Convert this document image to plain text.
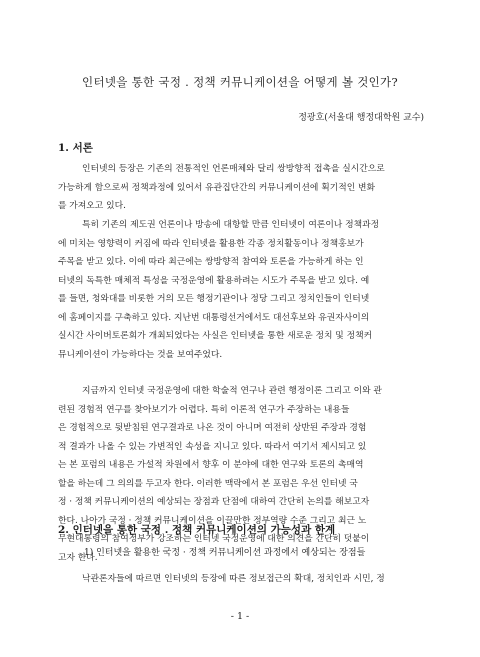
인터넷을 통한 국정 . 정책 커뮤니케이션을 어떻게 볼 것인가?
정광호(서울대 행정대학원 교수)
1. 서론

인터넷의 등장은 기존의 전통적인 언론매체와 달리 쌍방향적 접촉을 실시간으로
가능하게 함으로써 정책과정에 있어서 유관집단간의 커뮤니케이션에 획기적인 변화
를 가져오고 있다.

특히 기존의 제도권 언론이나 방송에 대항할 만큼 인터넷이 여론이나 정책과정
에 미치는 영향력이 커짐에 따라 인터넷을 활용한 각종 정치활동이나 정책홍보가
주목을 받고 있다. 이에 따라 최근에는 쌍방향적 참여와 토론을 가능하게 하는 인
터넷의 독특한 매체적 특성을 국정운영에 활용하려는 시도가 주목을 받고 있다. 예
를 들면, 청와대를 비롯한 거의 모든 행정기관이나 정당 그리고 정치인들이 인터넷
에 홈페이지를 구축하고 있다. 지난번 대통령선거에서도 대선후보와 유권자사이의
실시간 사이버토론회가 개최되었다는 사실은 인터넷을 통한 새로운 정치 및 정책커
뮤니케이션이 가능하다는 것을 보여주었다.

지금까지 인터넷 국정운영에 대한 학술적 연구나 관련 행정이론 그리고 이와 관
련된 경험적 연구를 찾아보기가 어렵다. 특히 이론적 연구가 주장하는 내용들
은 경험적으로 뒷받침된 연구결과로 나온 것이 아니며 여전히 상반된 주장과 경험
적 결과가 나올 수 있는 가변적인 속성을 지니고 있다. 따라서 여기서 제시되고 있
는 본 포럼의 내용은 가설적 차원에서 향후 이 분야에 대한 연구와 토론의 촉매역
할을 하는데 그 의의를 두고자 한다. 이러한 맥락에서 본 포럼은 우선 인터넷 국
정 · 정책 커뮤니케이션의 예상되는 장점과 단점에 대하여 간단히 논의를 해보고자
한다. 나아가 국정 · 정책 커뮤니케이션을 이끌만한 정부역량 수준 그리고 최근 노
무현대통령의 참여정부가 강조하는 인터넷 국정운영에 대한 의견을 간단히 덧붙이
고자 한다.

2. 인터넷을 통한 국정 . 정책 커뮤니케이션의 가능성과 한계
1) 인터넷을 활용한 국정 · 정책 커뮤니케이션 과정에서 예상되는 장점들

낙관론자들에 따르면 인터넷의 등장에 따른 정보접근의 확대, 정치인과 시민, 정

- 1 -
